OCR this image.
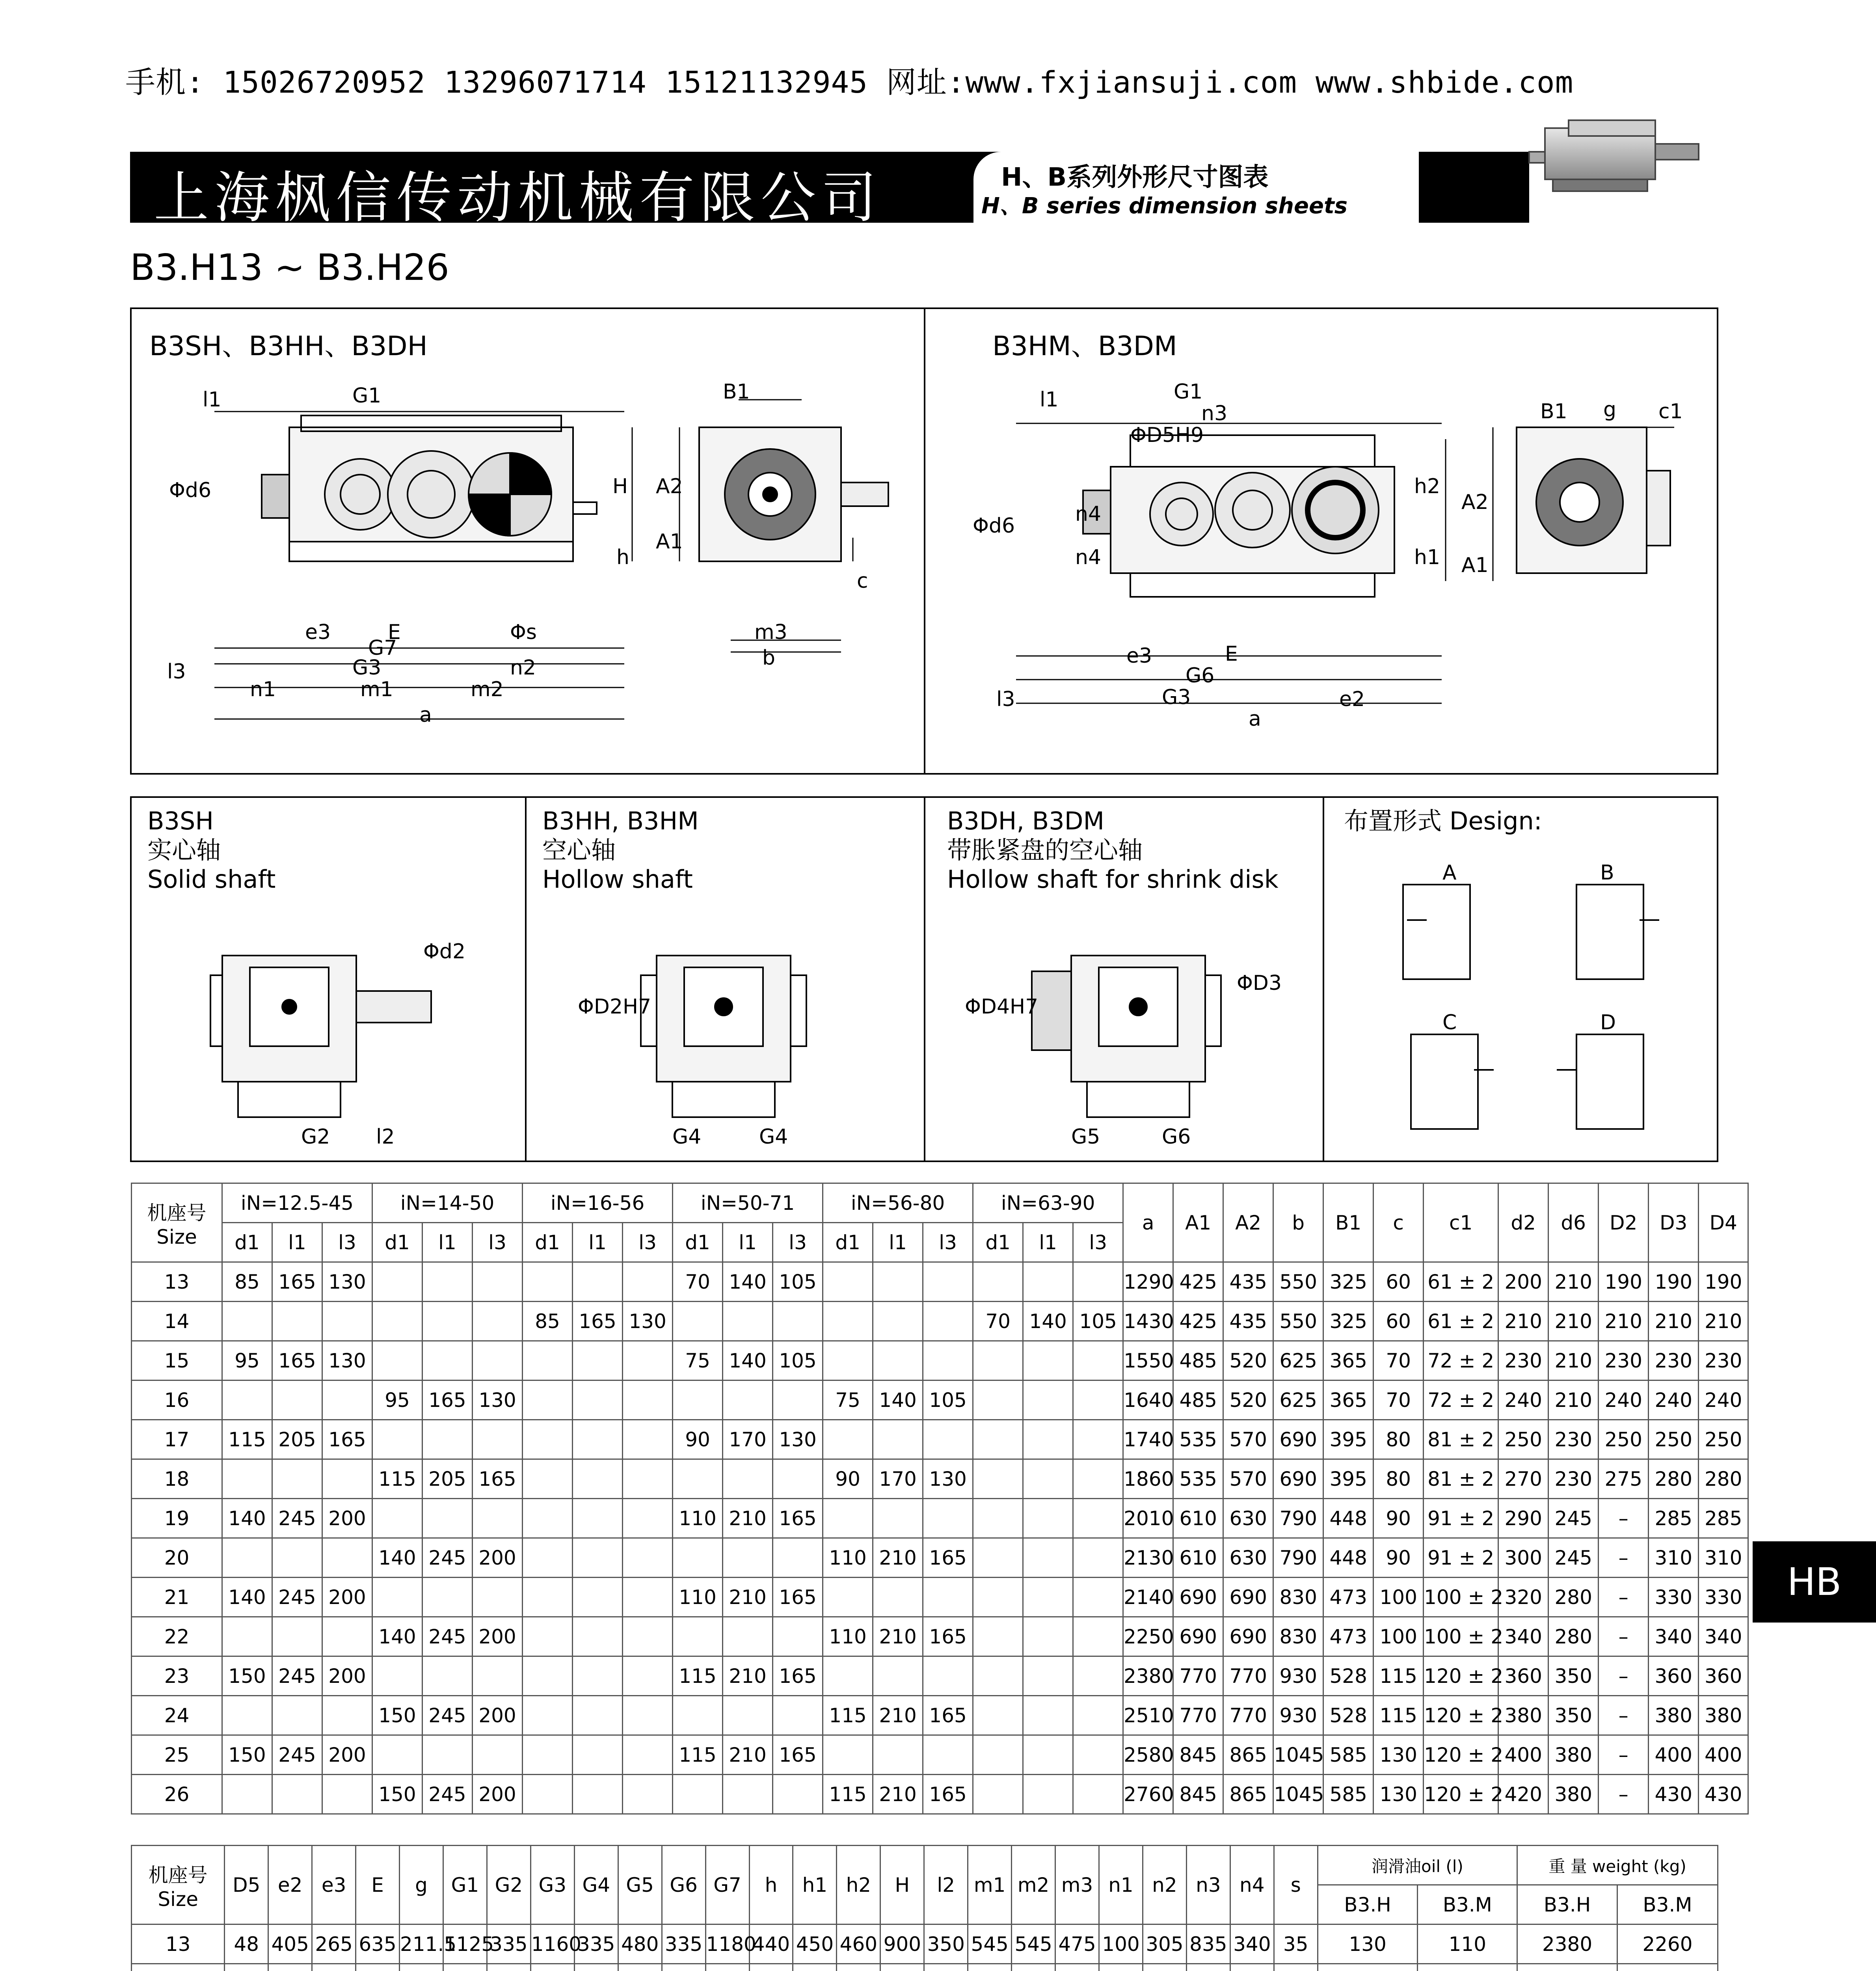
手机: 15026720952 13296071714 15121132945 网址:www.fxjiansuji.com www.shbide.com
上海枫信传动机械有限公司	H、B系列外形尺寸图表
H、B series dimension sheets
B3.H13 ~ B3.H26
B3SH、B3HH、B3DH
l1	G1	B1
Φd6	H A2
A1
h
c
e3	E	Φs	m3
G7	b
l3	G3	n2
n1	m1	m2
a
B3HM、B3DM
l1	G1
n3
ΦD5H9
B1 g c1
h2
A2
h1 A1
Φd6	n4
n4
e3	E
G6
l3	G3	e2
a
B3SH
实心轴
Solid shaft
Φd2
G2 l2
B3HH, B3HM
空心轴
Hollow shaft
ΦD2H7
G4	G4
B3DH, B3DM
带胀紧盘的空心轴
Hollow shaft for shrink disk
ΦD4H7
ΦD3
G5	G6
布置形式 Design:
A	B
C	D
机座号
Size	iN=12.5-45			iN=14-50			iN=16-56			iN=50-71			iN=56-80			iN=63-90			a	A1	A2	b	B1	c	c1	d2	d6	D2	D3	D4
	d1	l1	l3	d1	l1	l3	d1	l1	l3	d1	l1	l3	d1	l1	l3	d1	l1	l3												
13	85	165	130							70	140	105							1290	425	435	550	325	60	61 ± 2	200	210	190	190	190
14							85	165	130							70	140	105	1430	425	435	550	325	60	61 ± 2	210	210	210	210	210
15	95	165	130							75	140	105							1550	485	520	625	365	70	72 ± 2	230	210	230	230	230
16				95	165	130							75	140	105				1640	485	520	625	365	70	72 ± 2	240	210	240	240	240
17	115	205	165							90	170	130							1740	535	570	690	395	80	81 ± 2	250	230	250	250	250
18				115	205	165							90	170	130				1860	535	570	690	395	80	81 ± 2	270	230	275	280	280
19	140	245	200							110	210	165							2010	610	630	790	448	90	91 ± 2	290	245	–	285	285
20				140	245	200							110	210	165				2130	610	630	790	448	90	91 ± 2	300	245	–	310	310
21	140	245	200							110	210	165							2140	690	690	830	473	100	100 ± 2	320	280	–	330	330
22				140	245	200							110	210	165				2250	690	690	830	473	100	100 ± 2	340	280	–	340	340
23	150	245	200							115	210	165							2380	770	770	930	528	115	120 ± 2	360	350	–	360	360
24				150	245	200							115	210	165				2510	770	770	930	528	115	120 ± 2	380	350	–	380	380
25	150	245	200							115	210	165							2580	845	865	1045	585	130	120 ± 2	400	380	–	400	400
26				150	245	200							115	210	165				2760	845	865	1045	585	130	120 ± 2	420	380	–	430	430
机座号
Size	D5	e2	e3	E	g	G1	G2	G3	G4	G5	G6	G7	h	h1	h2	H	l2	m1	m2	m3	n1	n2	n3	n4	s	润滑油oil (l)		重 量 weight (kg)	
																										B3.H	B3.M	B3.H	B3.M
13	48	405	265	635	211.5	1125	335	1160	335	480	335	1180	440	450	460	900	350	545	545	475	100	305	835	340	35	130	110	2380	2260

HB
